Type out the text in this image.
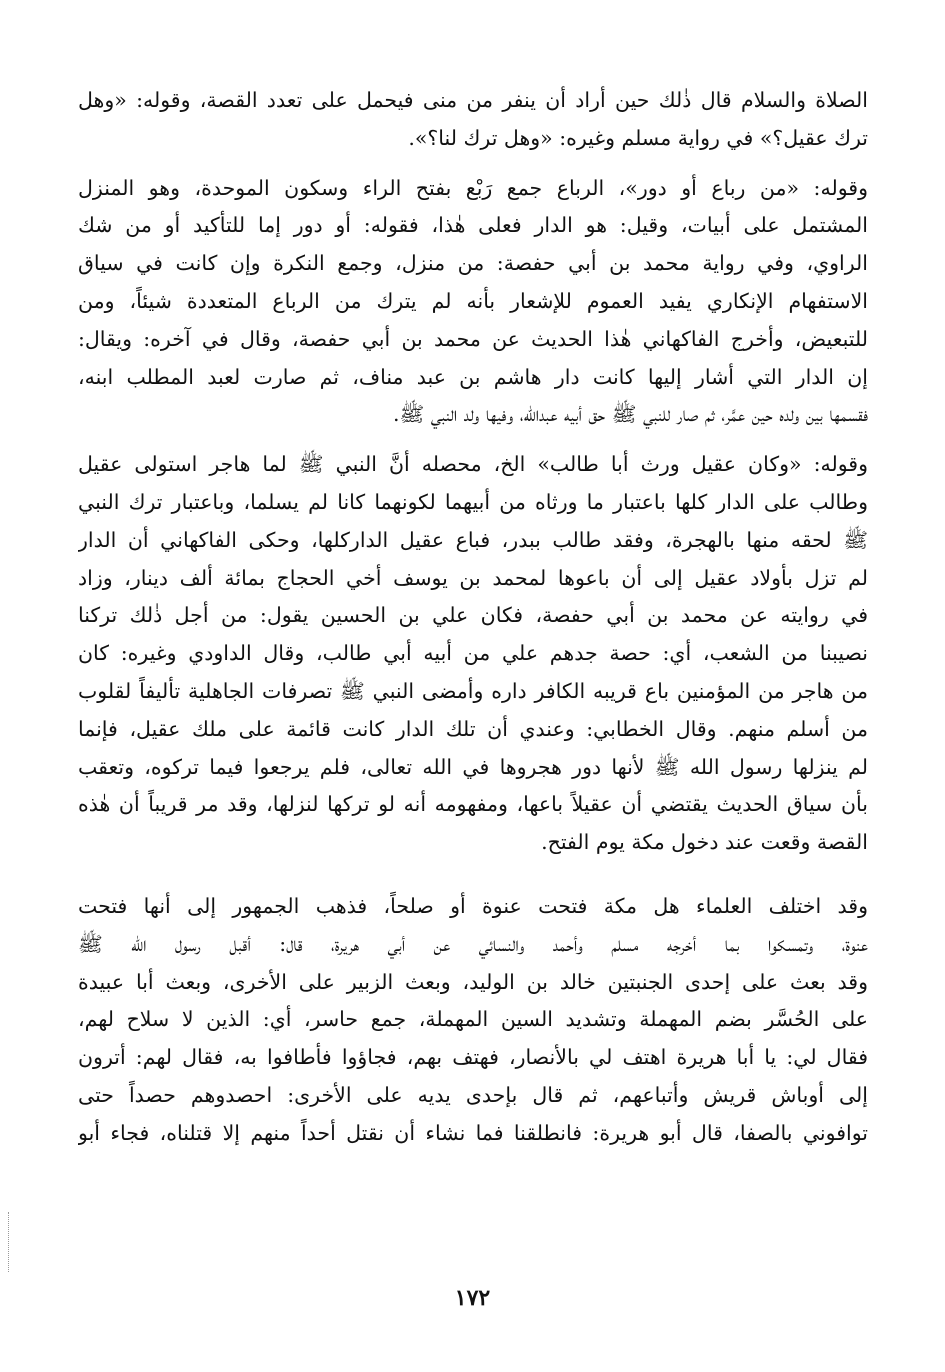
الصلاة والسلام قال ذٰلك حين أراد أن ينفر من منى فيحمل على تعدد القصة، وقوله: «وهل
ترك عقيل؟» في رواية مسلم وغيره: «وهل ترك لنا؟».
وقوله: «من رباع أو دور»، الرباع جمع رَبْع بفتح الراء وسكون الموحدة، وهو المنزل
المشتمل على أبيات، وقيل: هو الدار فعلى هٰذا، فقوله: أو دور إما للتأكيد أو من شك
الراوي، وفي رواية محمد بن أبي حفصة: من منزل، وجمع النكرة وإن كانت في سياق
الاستفهام الإنكاري يفيد العموم للإشعار بأنه لم يترك من الرباع المتعددة شيئاً، ومن
للتبعيض، وأخرج الفاكهاني هٰذا الحديث عن محمد بن أبي حفصة، وقال في آخره: ويقال:
إن الدار التي أشار إليها كانت دار هاشم بن عبد مناف، ثم صارت لعبد المطلب ابنه،
فقسمها بين ولده حين عمَّر، ثم صار للنبي ﷺ حق أبيه عبدالله، وفيها ولد النبي ﷺ.
وقوله: «وكان عقيل ورث أبا طالب» الخ، محصله أنَّ النبي ﷺ لما هاجر استولى عقيل
وطالب على الدار كلها باعتبار ما ورثاه من أبيهما لكونهما كانا لم يسلما، وباعتبار ترك النبي
ﷺ لحقه منها بالهجرة، وفقد طالب ببدر، فباع عقيل الداركلها، وحكى الفاكهاني أن الدار
لم تزل بأولاد عقيل إلى أن باعوها لمحمد بن يوسف أخي الحجاج بمائة ألف دينار، وزاد
في روايته عن محمد بن أبي حفصة، فكان علي بن الحسين يقول: من أجل ذٰلك تركنا
نصيبنا من الشعب، أي: حصة جدهم علي من أبيه أبي طالب، وقال الداودي وغيره: كان
من هاجر من المؤمنين باع قريبه الكافر داره وأمضى النبي ﷺ تصرفات الجاهلية تأليفاً لقلوب
من أسلم منهم. وقال الخطابي: وعندي أن تلك الدار كانت قائمة على ملك عقيل، فإنما
لم ينزلها رسول الله ﷺ لأنها دور هجروها في الله تعالى، فلم يرجعوا فيما تركوه، وتعقب
بأن سياق الحديث يقتضي أن عقيلاً باعها، ومفهومه أنه لو تركها لنزلها، وقد مر قريباً أن هٰذه
القصة وقعت عند دخول مكة يوم الفتح.
وقد اختلف العلماء هل مكة فتحت عنوة أو صلحاً، فذهب الجمهور إلى أنها فتحت
عنوة، وتمسكوا بما أخرجه مسلم وأحمد والنسائي عن أبي هريرة، قال: أقبل رسول الله ﷺ
وقد بعث على إحدى الجنبتين خالد بن الوليد، وبعث الزبير على الأخرى، وبعث أبا عبيدة
على الحُسَّر بضم المهملة وتشديد السين المهملة، جمع حاسر، أي: الذين لا سلاح لهم،
فقال لي: يا أبا هريرة اهتف لي بالأنصار، فهتف بهم، فجاؤوا فأطافوا به، فقال لهم: أترون
إلى أوباش قريش وأتباعهم، ثم قال بإحدى يديه على الأخرى: احصدوهم حصداً حتى
توافوني بالصفا، قال أبو هريرة: فانطلقنا فما نشاء أن نقتل أحداً منهم إلا قتلناه، فجاء أبو
١٧٢
